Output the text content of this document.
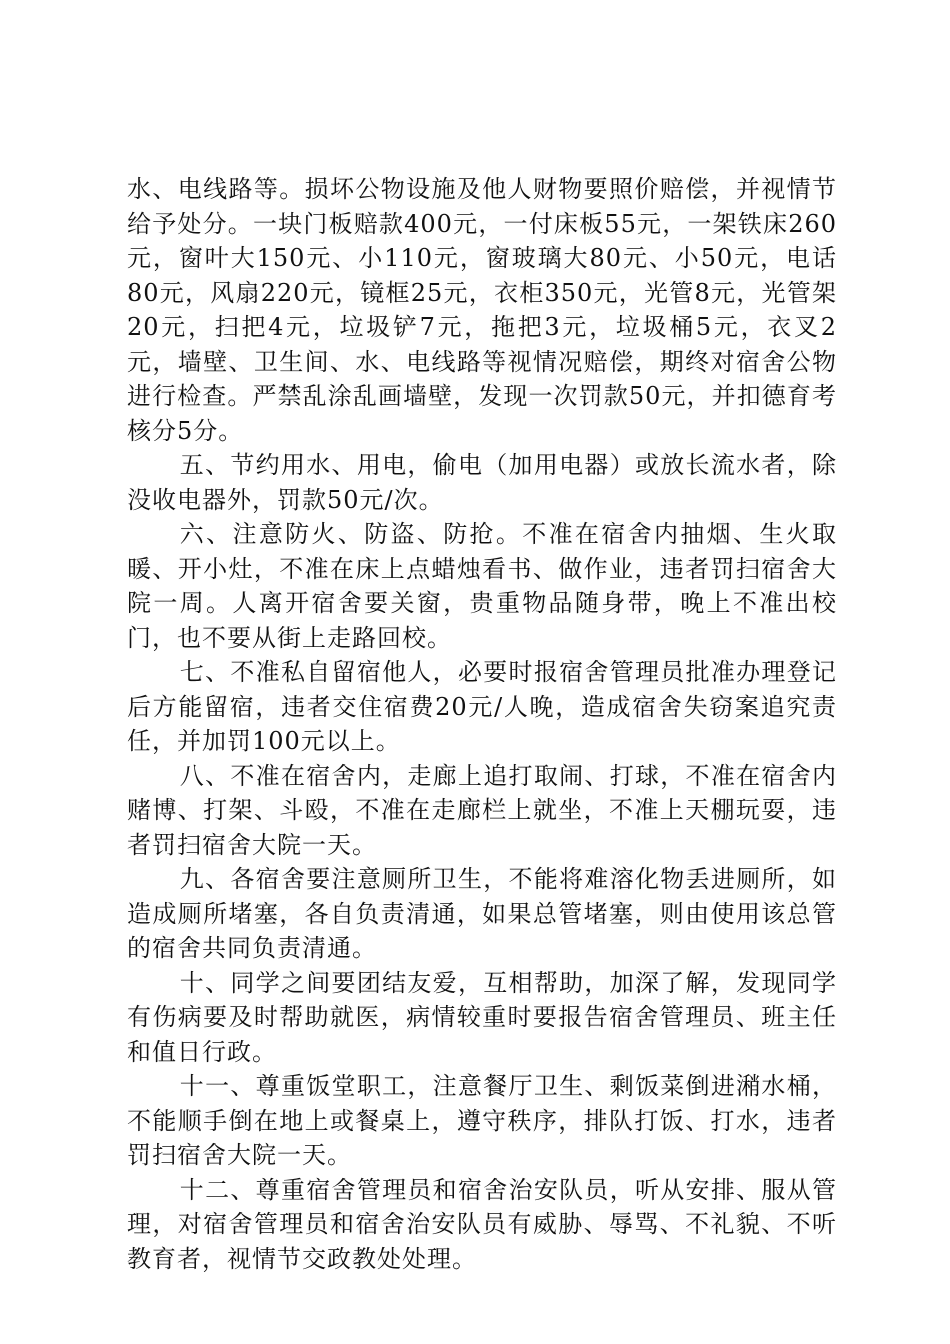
水、电线路等。损坏公物设施及他人财物要照价赔偿，并视情节给予处分。一块门板赔款400元，一付床板55元，一架铁床260元，窗叶大150元、小110元，窗玻璃大80元、小50元，电话80元，风扇220元，镜框25元，衣柜350元，光管8元，光管架20元，扫把4元，垃圾铲7元，拖把3元，垃圾桶5元，衣叉2元，墙壁、卫生间、水、电线路等视情况赔偿，期终对宿舍公物进行检查。严禁乱涂乱画墙壁，发现一次罚款50元，并扣德育考核分5分。

五、节约用水、用电，偷电（加用电器）或放长流水者，除没收电器外，罚款50元/次。

六、注意防火、防盗、防抢。不准在宿舍内抽烟、生火取暖、开小灶，不准在床上点蜡烛看书、做作业，违者罚扫宿舍大院一周。人离开宿舍要关窗，贵重物品随身带，晚上不准出校门，也不要从街上走路回校。

七、不准私自留宿他人，必要时报宿舍管理员批准办理登记后方能留宿，违者交住宿费20元/人晚，造成宿舍失窃案追究责任，并加罚100元以上。

八、不准在宿舍内，走廊上追打取闹、打球，不准在宿舍内赌博、打架、斗殴，不准在走廊栏上就坐，不准上天棚玩耍，违者罚扫宿舍大院一天。

九、各宿舍要注意厕所卫生，不能将难溶化物丢进厕所，如造成厕所堵塞，各自负责清通，如果总管堵塞，则由使用该总管的宿舍共同负责清通。

十、同学之间要团结友爱，互相帮助，加深了解，发现同学有伤病要及时帮助就医，病情较重时要报告宿舍管理员、班主任和值日行政。

十一、尊重饭堂职工，注意餐厅卫生、剩饭菜倒进潲水桶，不能顺手倒在地上或餐桌上，遵守秩序，排队打饭、打水，违者罚扫宿舍大院一天。

十二、尊重宿舍管理员和宿舍治安队员，听从安排、服从管理，对宿舍管理员和宿舍治安队员有威胁、辱骂、不礼貌、不听教育者，视情节交政教处处理。
